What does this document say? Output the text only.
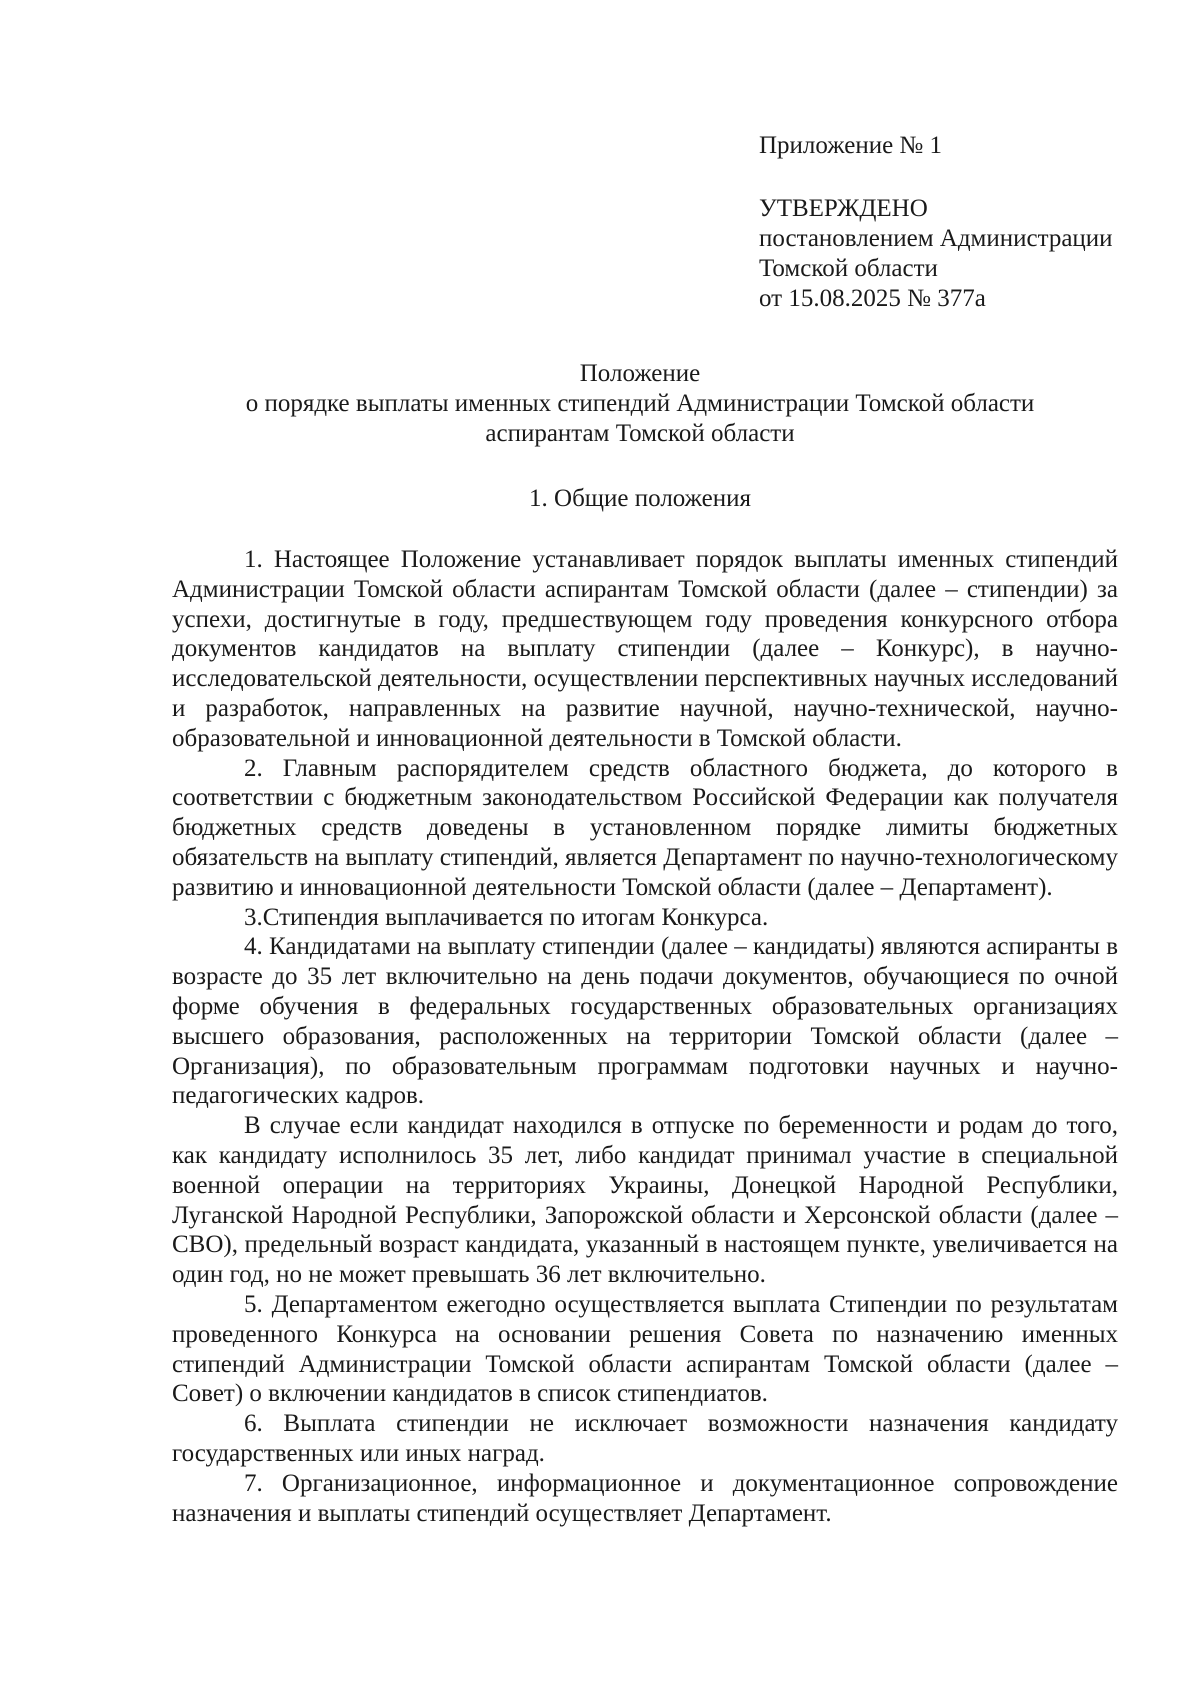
Приложение № 1
УТВЕРЖДЕНО
постановлением Администрации
Томской области
от 15.08.2025 № 377а
Положение
о порядке выплаты именных стипендий Администрации Томской области
аспирантам Томской области
1. Общие положения

1. Настоящее Положение устанавливает порядок выплаты именных стипендий Администрации Томской области аспирантам Томской области (далее – стипендии) за успехи, достигнутые в году, предшествующем году проведения конкурсного отбора документов кандидатов на выплату стипендии (далее – Конкурс), в научно-исследовательской деятельности, осуществлении перспективных научных исследований и разработок, направленных на развитие научной, научно-технической, научно-образовательной и инновационной деятельности в Томской области.

2. Главным распорядителем средств областного бюджета, до которого в соответствии с бюджетным законодательством Российской Федерации как получателя бюджетных средств доведены в установленном порядке лимиты бюджетных обязательств на выплату стипендий, является Департамент по научно-технологическому развитию и инновационной деятельности Томской области (далее – Департамент).

3.Стипендия выплачивается по итогам Конкурса.

4. Кандидатами на выплату стипендии (далее – кандидаты) являются аспиранты в возрасте до 35 лет включительно на день подачи документов, обучающиеся по очной форме обучения в федеральных государственных образовательных организациях высшего образования, расположенных на территории Томской области (далее – Организация), по образовательным программам подготовки научных и научно-педагогических кадров.

В случае если кандидат находился в отпуске по беременности и родам до того, как кандидату исполнилось 35 лет, либо кандидат принимал участие в специальной военной операции на территориях Украины, Донецкой Народной Республики, Луганской Народной Республики, Запорожской области и Херсонской области (далее – СВО), предельный возраст кандидата, указанный в настоящем пункте, увеличивается на один год, но не может превышать 36 лет включительно.

5. Департаментом ежегодно осуществляется выплата Стипендии по результатам проведенного Конкурса на основании решения Совета по назначению именных стипендий Администрации Томской области аспирантам Томской области (далее – Совет) о включении кандидатов в список стипендиатов.

6. Выплата стипендии не исключает возможности назначения кандидату государственных или иных наград.

7. Организационное, информационное и документационное сопровождение назначения и выплаты стипендий осуществляет Департамент.
